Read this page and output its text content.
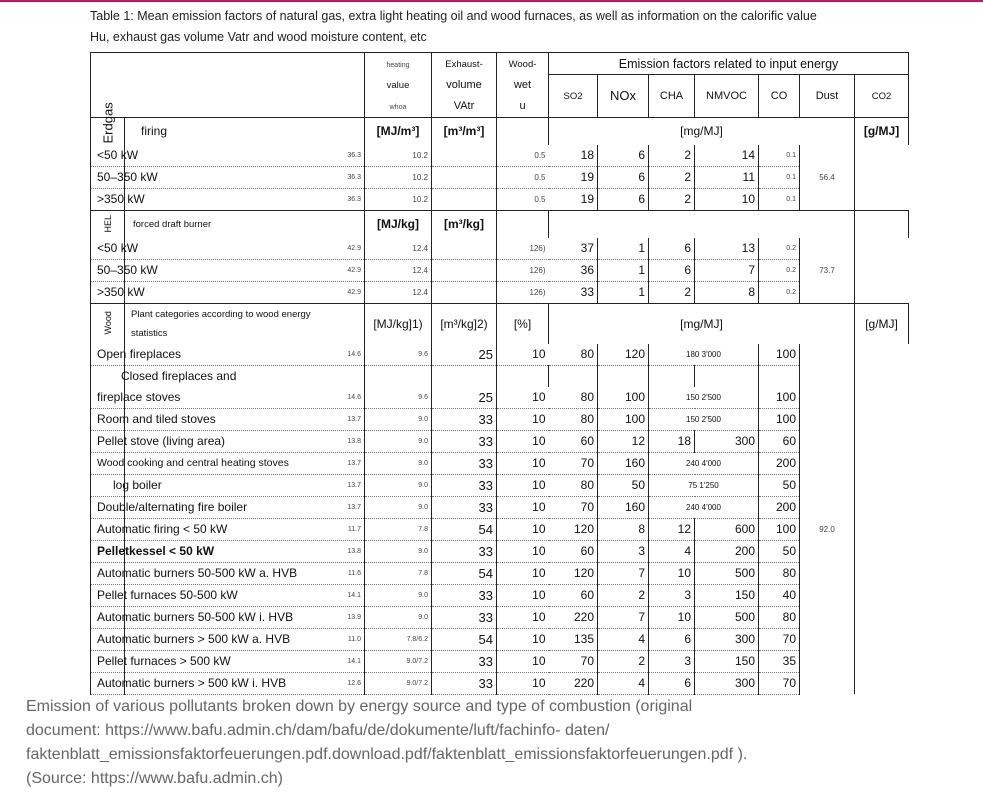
Table 1: Mean emission factors of natural gas, extra light heating oil and wood furnaces, as well as information on the calorific value
Hu, exhaust gas volume Vatr and wood moisture content, etc
		heating	Exhaust-	Wood-	Emission factors related to input energy						
		value	volume	wet	SO2	NOx	CHA	NMVOC	CO	Dust	CO2
		whoa	VAtr	u							
Erdgas	firing	[MJ/m³]	[m³/m³]		[mg/MJ]						[g/MJ]
<50 kW	36.3	10.2		0.5	18	6	2	14	0.1		
50–350 kW	36.3	10.2		0.5	19	6	2	11	0.1	56.4	
>350 kW	36.3	10.2		0.5	19	6	2	10	0.1		
HEL	forced draft burner	[MJ/kg]	[m³/kg]								
<50 kW	42.9	12.4		126)	37	1	6	13	0.2		
50–350 kW	42.9	12.4		126)	36	1	6	7	0.2	73.7	
>350 kW	42.9	12.4		126)	33	1	2	8	0.2		
Wood	Plant categories according to wood energy
statistics	[MJ/kg]1)	[m³/kg]2)	[%]	[mg/MJ]						[g/MJ]
Open fireplaces	14.6	9.6	25	10	80	120	180 3'000		100		
Closed fireplaces and											
fireplace stoves	14.6	9.6	25	10	80	100	150 2'500		100		
Room and tiled stoves	13.7	9.0	33	10	80	100	150 2'500		100		
Pellet stove (living area)	13.8	9.0	33	10	60	12	18	300	60		
Wood cooking and central heating stoves	13.7	9.0	33	10	70	160	240 4'000		200		
log boiler	13.7	9.0	33	10	80	50	75 1'250		50		
Double/alternating fire boiler	13.7	9.0	33	10	70	160	240 4'000		200		
Automatic firing < 50 kW	11.7	7.8	54	10	120	8	12	600	100	92.0	
Pelletkessel < 50 kW	13.8	9.0	33	10	60	3	4	200	50		
Automatic burners 50-500 kW a. HVB	11.6	7.8	54	10	120	7	10	500	80		
Pellet furnaces 50-500 kW	14.1	9.0	33	10	60	2	3	150	40		
Automatic burners 50-500 kW i. HVB	13.9	9.0	33	10	220	7	10	500	80		
Automatic burners > 500 kW a. HVB	11.0	7.8/6.2	54	10	135	4	6	300	70		
Pellet furnaces > 500 kW	14.1	9.0/7.2	33	10	70	2	3	150	35		
Automatic burners > 500 kW i. HVB	12.6	9.0/7.2	33	10	220	4	6	300	70		
Emission of various pollutants broken down by energy source and type of combustion (original
document: https://www.bafu.admin.ch/dam/bafu/de/dokumente/luft/fachinfo- daten/
faktenblatt_emissionsfaktorfeuerungen.pdf.download.pdf/faktenblatt_emissionsfaktorfeuerungen.pdf ).
(Source: https://www.bafu.admin.ch)
